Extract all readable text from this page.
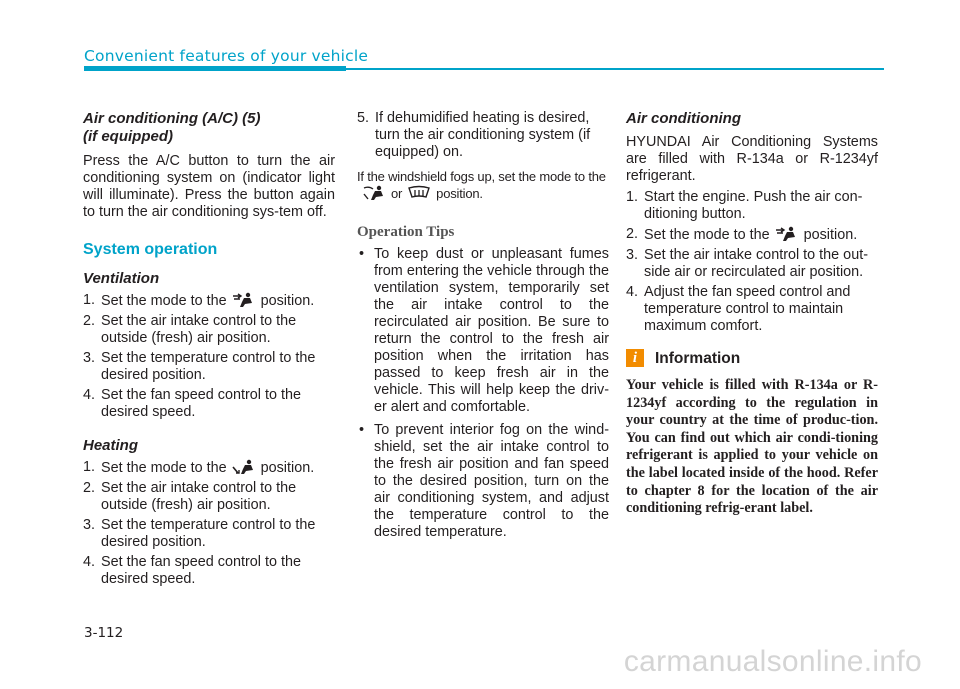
Convenient features of your vehicle
Air conditioning (A/C) (5)
(if equipped)

Press the A/C button to turn the air conditioning system on (indicator light will illuminate). Press the button again to turn the air conditioning sys-tem off.

System operation
Ventilation
1. Set the mode to the position.
2. Set the air intake control to the outside (fresh) air position.
3. Set the temperature control to the desired position.
4. Set the fan speed control to the desired speed.
Heating
1. Set the mode to the position.
2. Set the air intake control to the outside (fresh) air position.
3. Set the temperature control to the desired position.
4. Set the fan speed control to the desired speed.
5. If dehumidified heating is desired, turn the air conditioning system (if equipped) on.

If the windshield fogs up, set the mode to theor	position.

Operation Tips
• To keep dust or unpleasant fumes from entering the vehicle through the ventilation system, temporarily set the air intake control to the recirculated air position. Be sure to return the control to the fresh air position when the irritation has passed to keep fresh air in the vehicle. This will help keep the driv-er alert and comfortable.
• To prevent interior fog on the wind-shield, set the air intake control to the fresh air position and fan speed to the desired position, turn on the air conditioning system, and adjust the temperature control to the desired temperature.
Air conditioning

HYUNDAI Air Conditioning Systems are filled with R-134a or R-1234yf refrigerant.

1. Start the engine. Push the air con-ditioning button.
2. Set the mode to the position.
3. Set the air intake control to the out-side air or recirculated air position.
4. Adjust the fan speed control and temperature control to maintain maximum comfort.
i	Information
Your vehicle is filled with R-134a or R-1234yf according to the regulation in your country at the time of produc-tion. You can find out which air condi-tioning refrigerant is applied to your vehicle on the label located inside of the hood. Refer to chapter 8 for the location of the air conditioning refrig-erant label.
3-112
carmanualsonline.info
